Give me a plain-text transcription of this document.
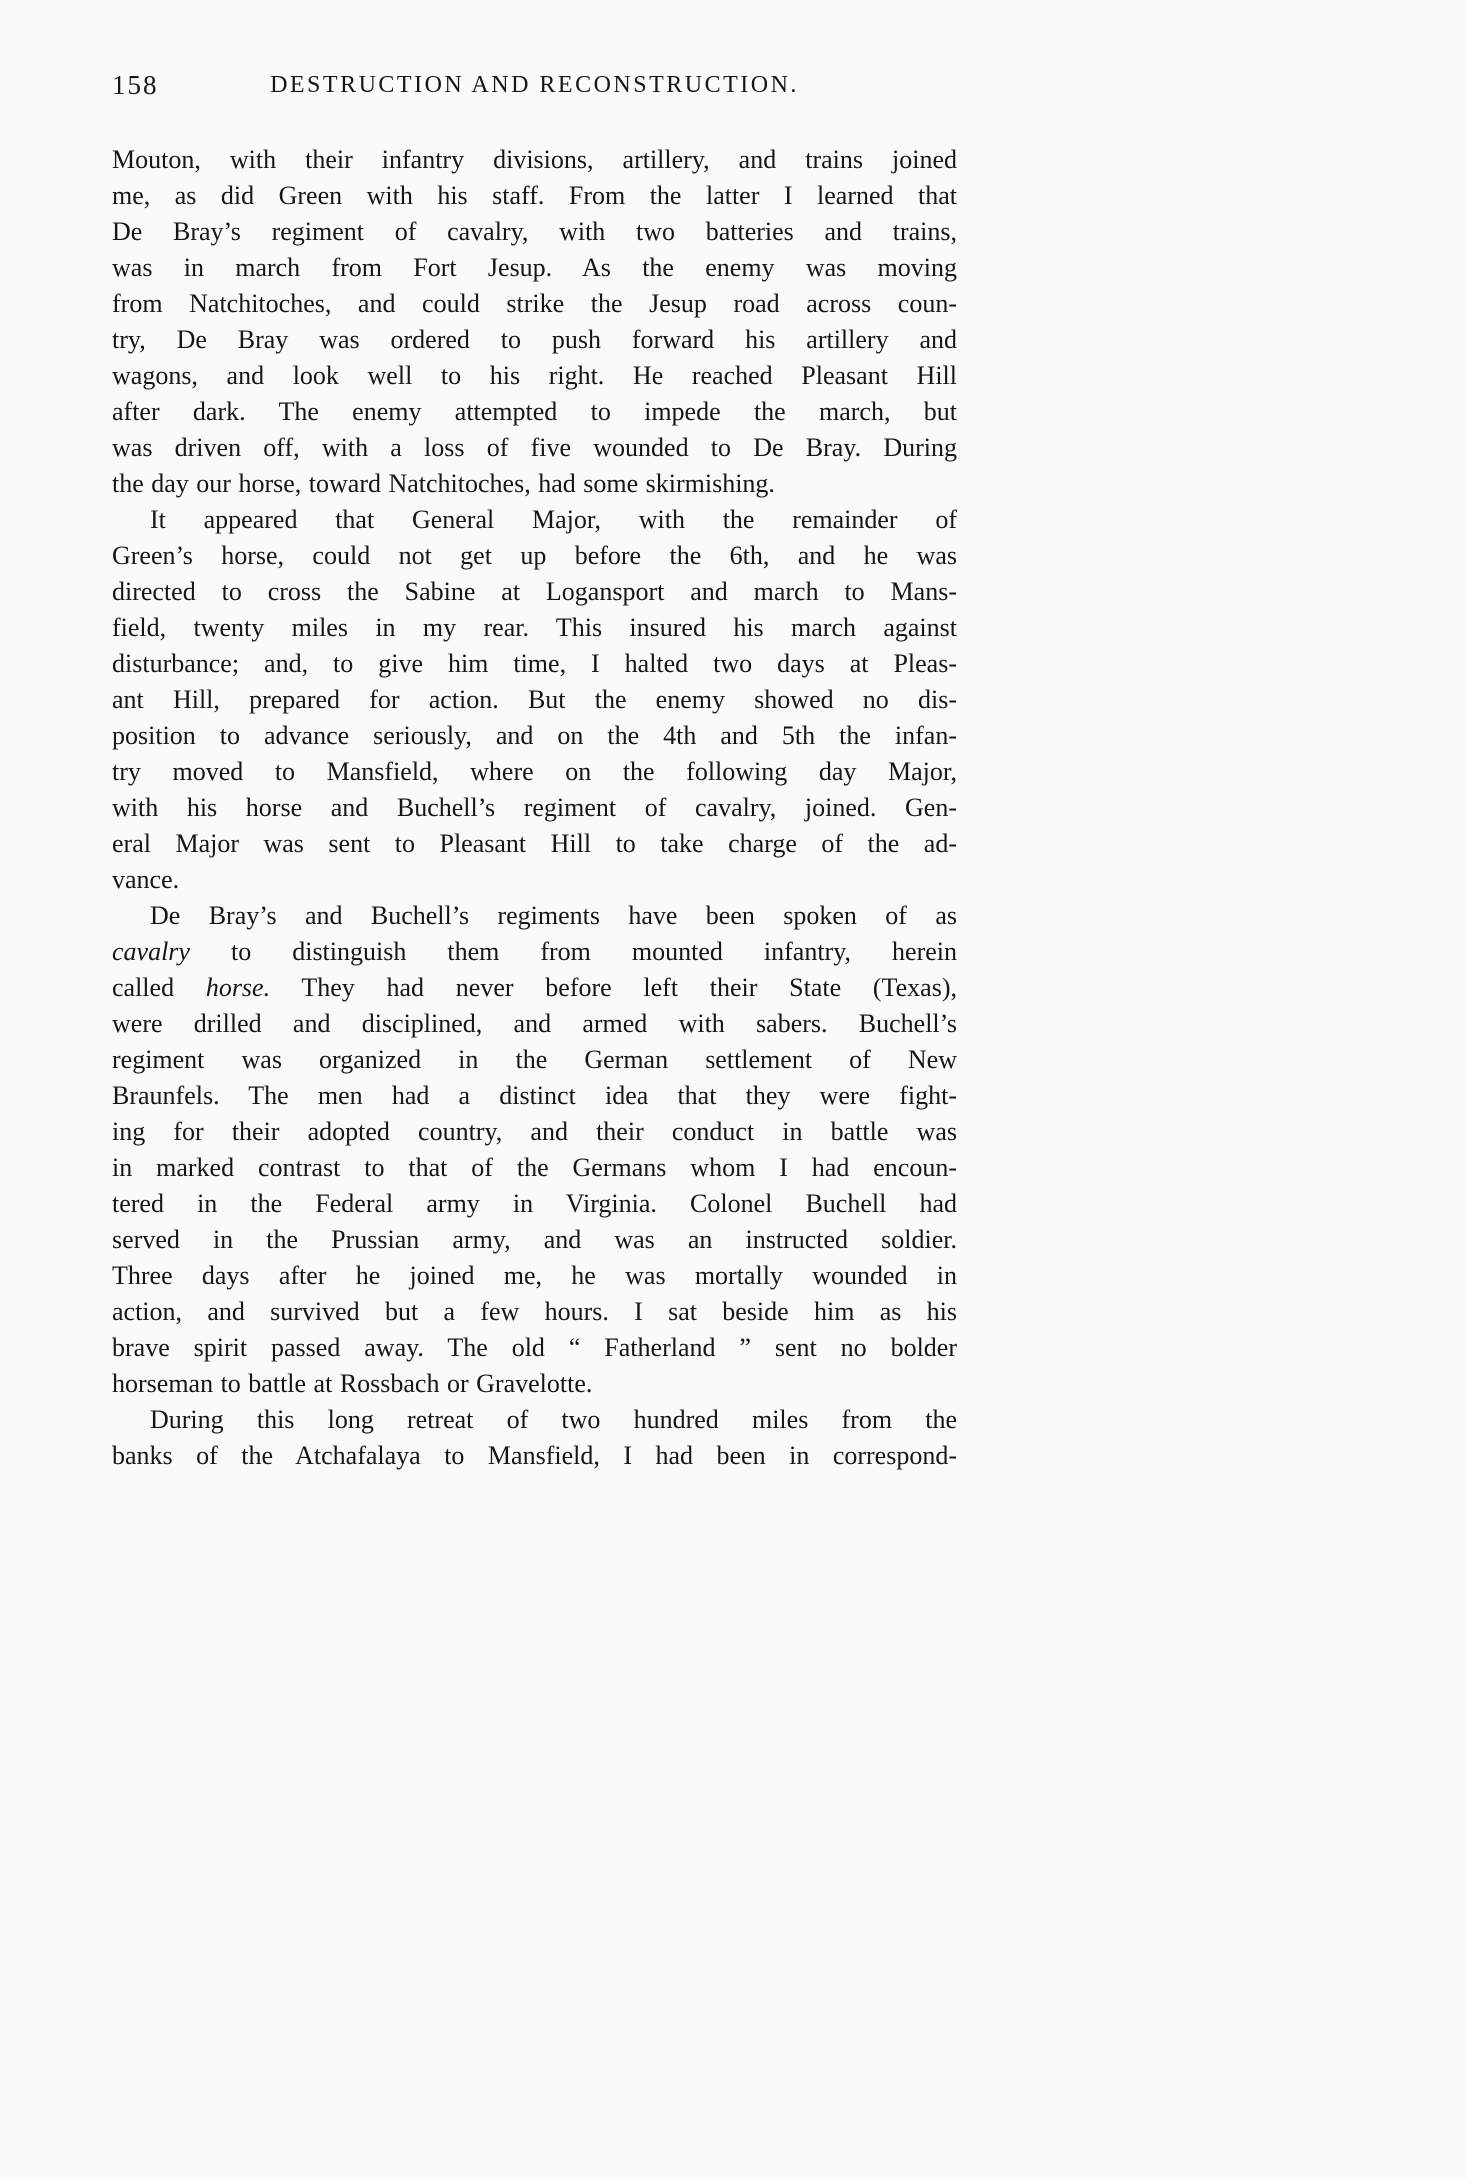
158	DESTRUCTION AND RECONSTRUCTION.
Mouton, with their infantry divisions, artillery, and trains joined
me, as did Green with his staff. From the latter I learned that
De Bray’s regiment of cavalry, with two batteries and trains,
was in march from Fort Jesup. As the enemy was moving
from Natchitoches, and could strike the Jesup road across coun-
try, De Bray was ordered to push forward his artillery and
wagons, and look well to his right. He reached Pleasant Hill
after dark. The enemy attempted to impede the march, but
was driven off, with a loss of five wounded to De Bray. During
the day our horse, toward Natchitoches, had some skirmishing.
It appeared that General Major, with the remainder of
Green’s horse, could not get up before the 6th, and he was
directed to cross the Sabine at Logansport and march to Mans-
field, twenty miles in my rear. This insured his march against
disturbance; and, to give him time, I halted two days at Pleas-
ant Hill, prepared for action. But the enemy showed no dis-
position to advance seriously, and on the 4th and 5th the infan-
try moved to Mansfield, where on the following day Major,
with his horse and Buchell’s regiment of cavalry, joined. Gen-
eral Major was sent to Pleasant Hill to take charge of the ad-
vance.
De Bray’s and Buchell’s regiments have been spoken of as
cavalry to distinguish them from mounted infantry, herein
called horse. They had never before left their State (Texas),
were drilled and disciplined, and armed with sabers. Buchell’s
regiment was organized in the German settlement of New
Braunfels. The men had a distinct idea that they were fight-
ing for their adopted country, and their conduct in battle was
in marked contrast to that of the Germans whom I had encoun-
tered in the Federal army in Virginia. Colonel Buchell had
served in the Prussian army, and was an instructed soldier.
Three days after he joined me, he was mortally wounded in
action, and survived but a few hours. I sat beside him as his
brave spirit passed away. The old “ Fatherland ” sent no bolder
horseman to battle at Rossbach or Gravelotte.
During this long retreat of two hundred miles from the
banks of the Atchafalaya to Mansfield, I had been in correspond-
